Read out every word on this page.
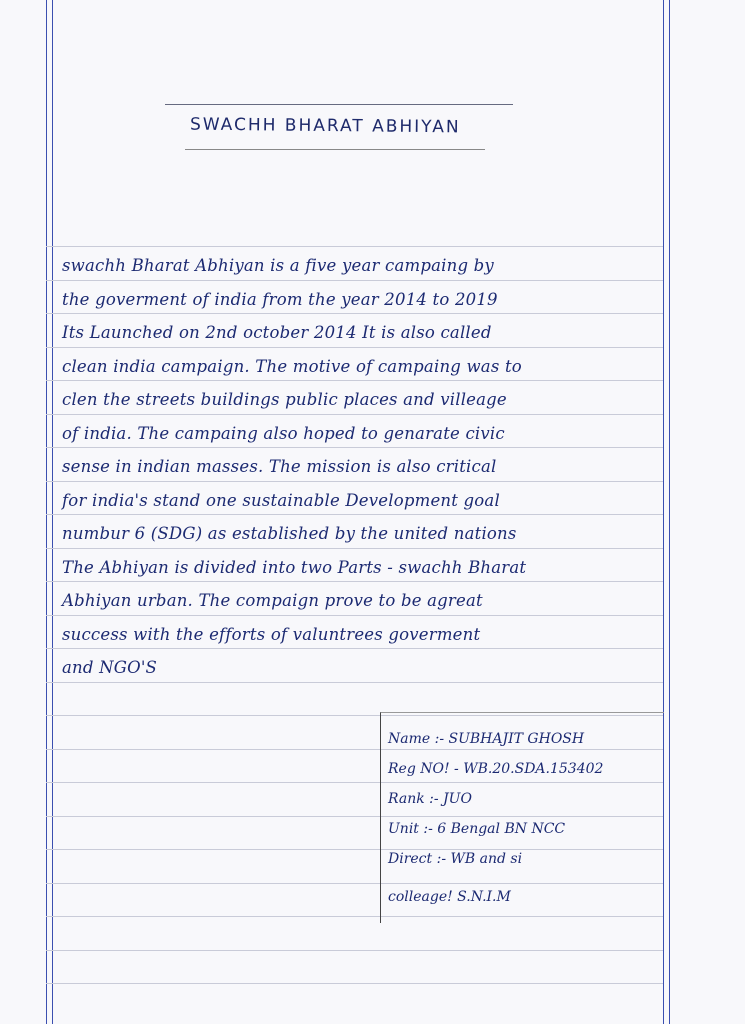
SWACHH BHARAT ABHIYAN
swachh Bharat Abhiyan is a five year campaing by
the goverment of india from the year 2014 to 2019
Its Launched on 2nd october 2014 It is also called
clean india campaign. The motive of campaing was to
clen the streets buildings public places and villeage
of india. The campaing also hoped to genarate civic
sense in indian masses. The mission is also critical
for india's stand one sustainable Development goal
numbur 6 (SDG) as established by the united nations
The Abhiyan is divided into two Parts - swachh Bharat
Abhiyan urban. The compaign prove to be agreat
success with the efforts of valuntrees goverment
and NGO'S
Name :- SUBHAJIT GHOSH
Reg NO! - WB.20.SDA.153402
Rank :- JUO
Unit :- 6 Bengal BN NCC
Direct :- WB and si
colleage! S.N.I.M
